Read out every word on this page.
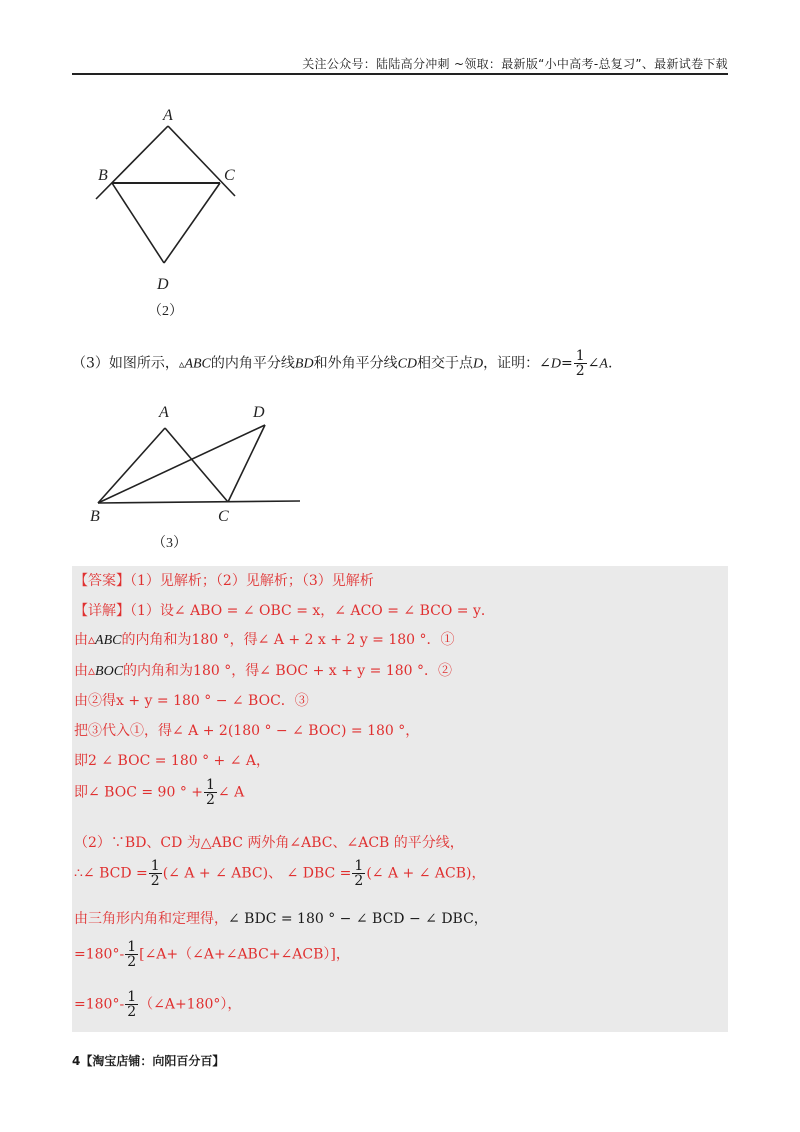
关注公众号：陆陆高分冲刺 ~领取：最新版“小中高考-总复习”、最新试卷下载
A
B	C
D
（2）
（3）如图所示，▵ABC的内角平分线BD和外角平分线CD相交于点D，证明：∠D= $\frac{1}{2}$ ∠A.
A	D
B	C
（3）
【答案】（1）见解析；（2）见解析；（3）见解析
【详解】（1）设∠ ABO = ∠ OBC = x，∠ ACO = ∠ BCO = y．
由▵ABC的内角和为180 °，得∠ A + 2 x + 2 y = 180 °．①
由▵BOC的内角和为180 °，得∠ BOC + x + y = 180 °．②
由②得x + y = 180 ° − ∠ BOC．③
把③代入①，得∠ A + 2(180 ° − ∠ BOC) = 180 °，
即2 ∠ BOC = 180 ° + ∠ A，
即∠ BOC = 90 ° + $\frac{1}{2}$ ∠ A
（2）∵BD、CD 为△ABC 两外角∠ABC、∠ACB 的平分线，
∴∠ BCD = $\frac{1}{2}$ (∠ A + ∠ ABC)、 ∠ DBC = $\frac{1}{2}$ (∠ A + ∠ ACB)，
由三角形内角和定理得，∠ BDC = 180 ° − ∠ BCD − ∠ DBC，
$=180^\circ- \frac{1}{2}$ [∠A+（∠A+∠ABC+∠ACB）]，
$=180^\circ- \frac{1}{2}$ （∠A+180°），
4【淘宝店铺：向阳百分百】
